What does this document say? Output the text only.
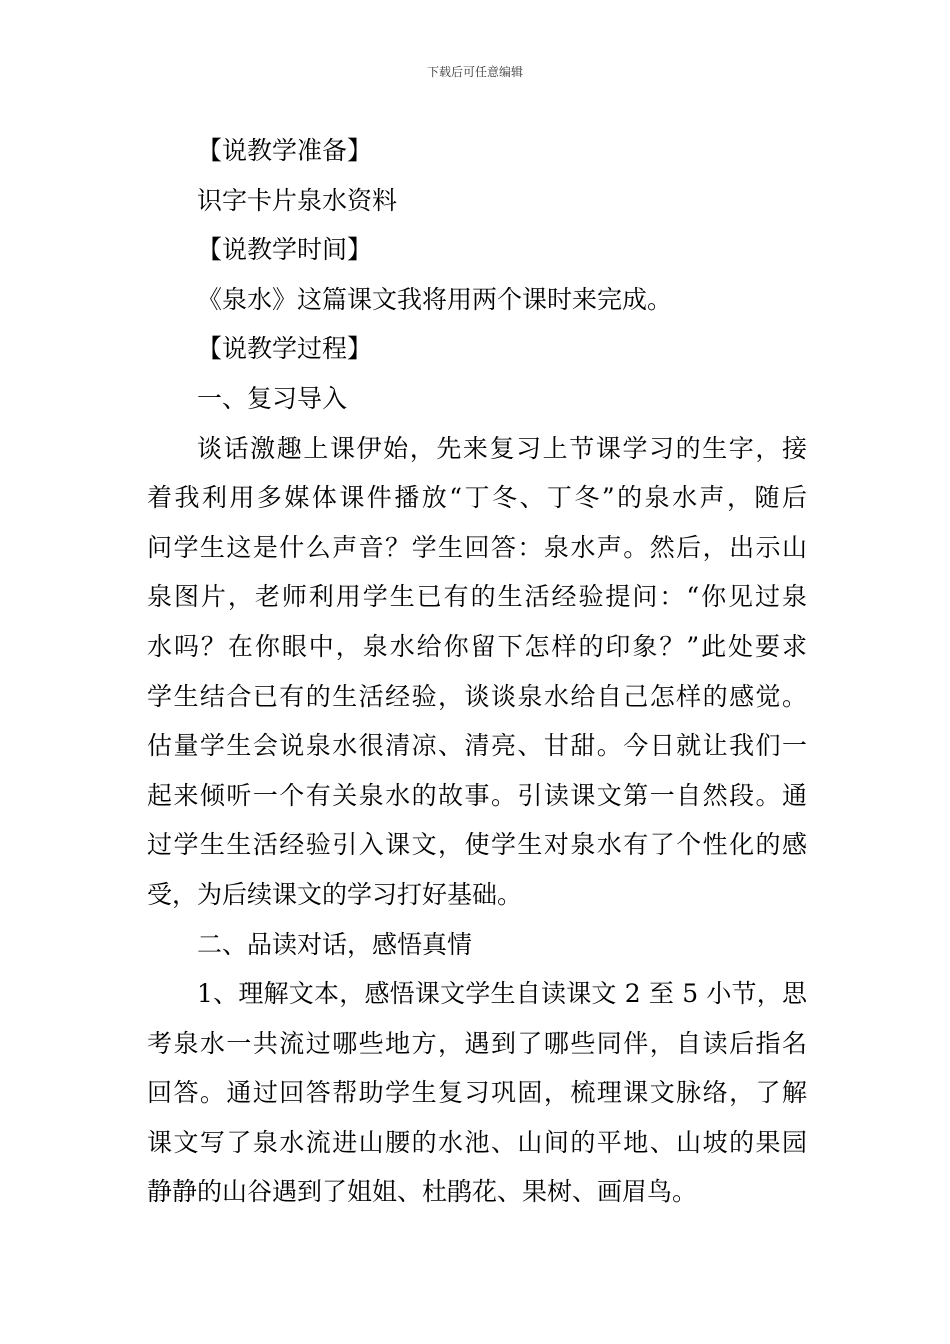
下载后可任意编辑
【说教学准备】
识字卡片泉水资料
【说教学时间】
《泉水》这篇课文我将用两个课时来完成。
【说教学过程】
一、复习导入
谈话激趣上课伊始，先来复习上节课学习的生字，接
着我利用多媒体课件播放“丁冬、丁冬”的泉水声，随后
问学生这是什么声音？学生回答：泉水声。然后，出示山
泉图片，老师利用学生已有的生活经验提问：“你见过泉
水吗？在你眼中，泉水给你留下怎样的印象？”此处要求
学生结合已有的生活经验，谈谈泉水给自己怎样的感觉。
估量学生会说泉水很清凉、清亮、甘甜。今日就让我们一
起来倾听一个有关泉水的故事。引读课文第一自然段。通
过学生生活经验引入课文，使学生对泉水有了个性化的感
受，为后续课文的学习打好基础。
二、品读对话，感悟真情
1、理解文本，感悟课文学生自读课文 2 至 5 小节，思
考泉水一共流过哪些地方，遇到了哪些同伴，自读后指名
回答。通过回答帮助学生复习巩固，梳理课文脉络，了解
课文写了泉水流进山腰的水池、山间的平地、山坡的果园
静静的山谷遇到了姐姐、杜鹃花、果树、画眉鸟。
